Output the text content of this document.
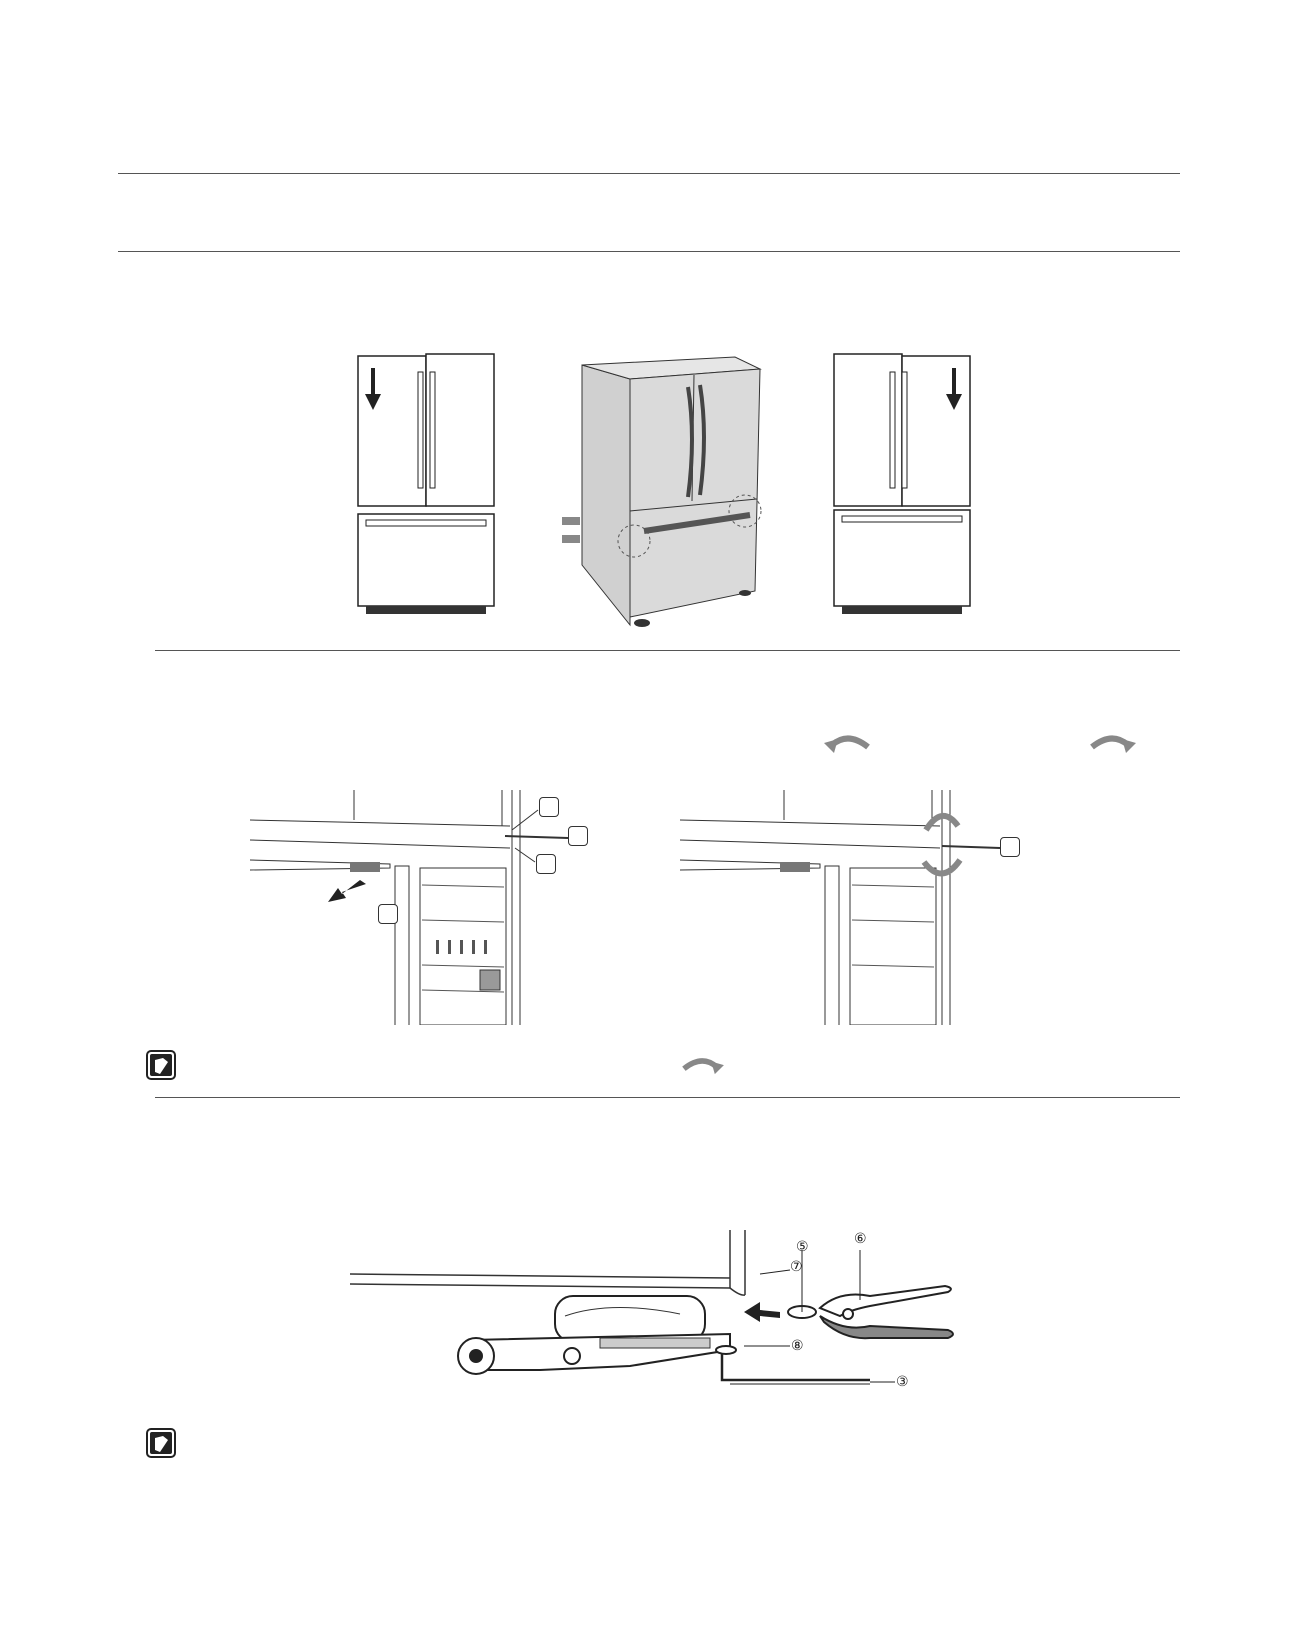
⑦
⑤	⑥
⑧
③
